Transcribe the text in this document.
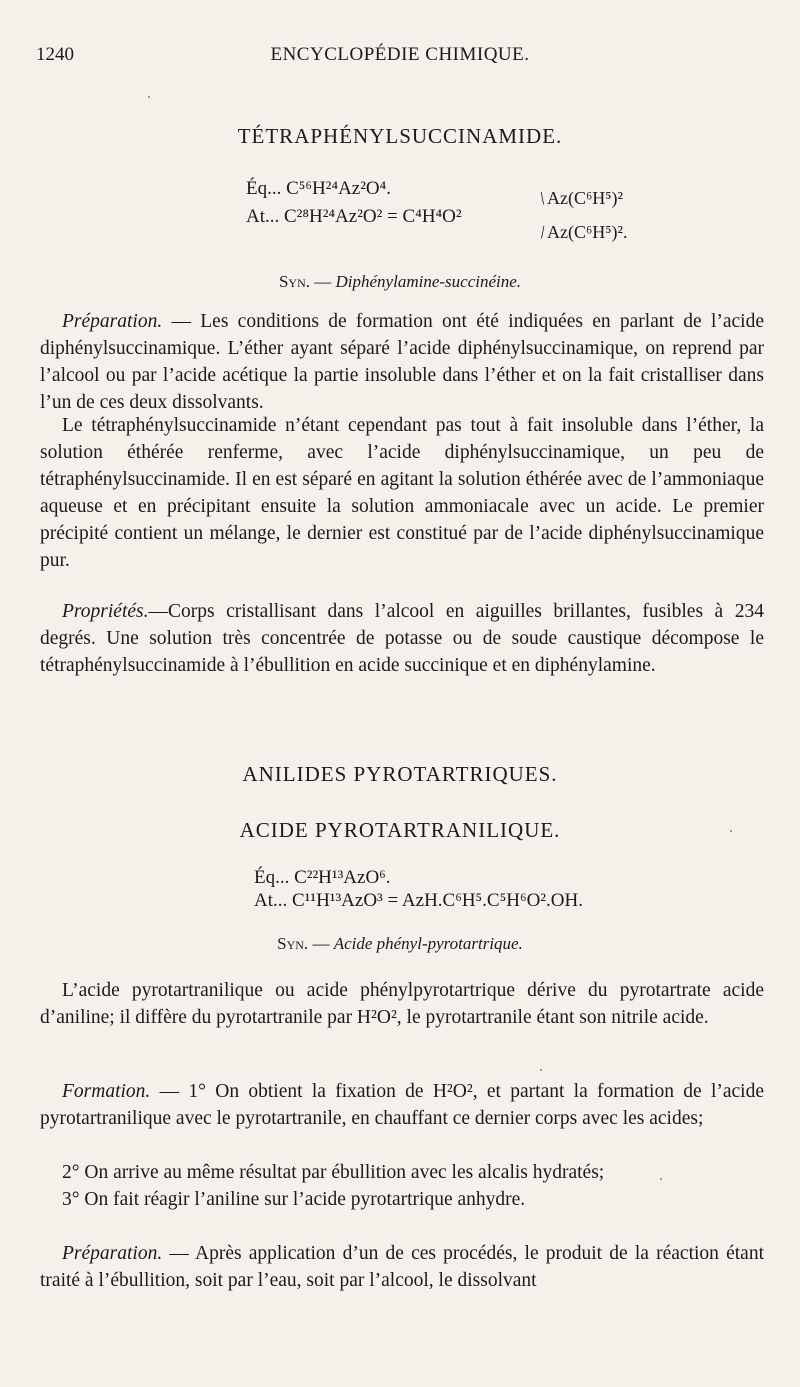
1240	ENCYCLOPÉDIE CHIMIQUE.
TÉTRAPHÉNYLSUCCINAMIDE.
Éq... C⁵⁶H²⁴Az²O⁴.
At... C²⁸H²⁴Az²O² = C⁴H⁴O²
/Az(C⁶H⁵)²
\Az(C⁶H⁵)².
Syn. — Diphénylamine-succinéine.
Préparation. — Les conditions de formation ont été indiquées en parlant de l’acide diphénylsuccinamique. L’éther ayant séparé l’acide diphénylsuccinamique, on reprend par l’alcool ou par l’acide acétique la partie insoluble dans l’éther et on la fait cristalliser dans l’un de ces deux dissolvants.
Le tétraphénylsuccinamide n’étant cependant pas tout à fait insoluble dans l’éther, la solution éthérée renferme, avec l’acide diphénylsuccinamique, un peu de tétraphénylsuccinamide. Il en est séparé en agitant la solution éthérée avec de l’ammoniaque aqueuse et en précipitant ensuite la solution ammoniacale avec un acide. Le premier précipité contient un mélange, le dernier est constitué par de l’acide diphénylsuccinamique pur.
Propriétés.—Corps cristallisant dans l’alcool en aiguilles brillantes, fusibles à 234 degrés. Une solution très concentrée de potasse ou de soude caustique décompose le tétraphénylsuccinamide à l’ébullition en acide succinique et en diphénylamine.
ANILIDES PYROTARTRIQUES.
ACIDE PYROTARTRANILIQUE.
Éq... C²²H¹³AzO⁶.
At... C¹¹H¹³AzO³ = AzH.C⁶H⁵.C⁵H⁶O².OH.
Syn. — Acide phényl-pyrotartrique.
L’acide pyrotartranilique ou acide phénylpyrotartrique dérive du pyrotartrate acide d’aniline; il diffère du pyrotartranile par H²O², le pyrotartranile étant son nitrile acide.
Formation. — 1° On obtient la fixation de H²O², et partant la formation de l’acide pyrotartranilique avec le pyrotartranile, en chauffant ce dernier corps avec les acides;
2° On arrive au même résultat par ébullition avec les alcalis hydratés;
3° On fait réagir l’aniline sur l’acide pyrotartrique anhydre.
Préparation. — Après application d’un de ces procédés, le produit de la réaction étant traité à l’ébullition, soit par l’eau, soit par l’alcool, le dissolvant
